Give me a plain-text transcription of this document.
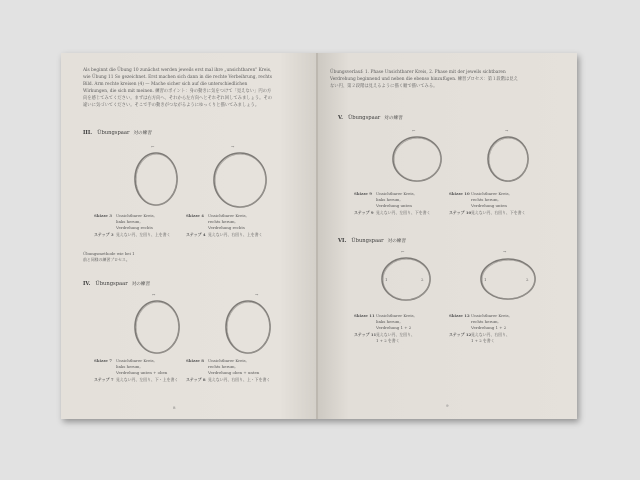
Als beginnt die Übung 10 zunächst werden jeweils erst mal ihre „unsichtbaren" Kreis, wie Übung 11 So gezeichnet. Erst machen sich dann in die rechte Verbeihrung, rechts Bild. Arm rechte kreisen (4) — Mache sicher sich auf die unterschiedlichen Wirkungen, die sich mit meinen. 練習のポイント：身の動きに気をつけて「見えない」円の方向を感じてみてください。まずは右方向へ、それから左方向へとそれぞれ回してみましょう。その違いに気づいてください。そこで手の動きがつながるようにゆっくりと描いてみましょう。
III. Übungspaar 対の練習
←	→
Skizze 3 Unsichtbarer Kreis,
links herum,
Verdrehung rechts
ステップ 3 見えない円、左回り、上を書く
Skizze 4 Unsichtbarer Kreis,
rechts herum,
Verdrehung rechts
ステップ 4 見えない円、右回り、上を書く
Übungsmethode wie bei 1
前と同様の練習プロセス。
IV. Übungspaar 対の練習
↔	→
Skizze 7 Unsichtbarer Kreis,
links herum,
Verdrehung unten + oben
ステップ 7 見えない円、左回り、下・上を書く
Skizze 8 Unsichtbarer Kreis,
rechts herum,
Verdrehung oben + unten
ステップ 8 見えない円、右回り、上・下を書く
8
Übungsverlauf: 1. Phase Unsichtbarer Kreis, 2. Phase mit der jeweils sichtbaren Verdrehung beginnend und neben die ebenso hinzufügen. 練習プロセス：第１段階は見えない円、第２段階は見えるように描く順で描いてみる。
V. Übungspaar 対の練習
←	→
Skizze 9 Unsichtbarer Kreis,
links herum,
Verdrehung unten
ステップ 9 見えない円、左回り、下を書く
Skizze 10Unsichtbarer Kreis,
rechts herum,
Verdrehung unten
ステップ 10見えない円、右回り、下を書く
VI. Übungspaar 対の練習
←
1	2
→
1	2
Skizze 11Unsichtbarer Kreis,
links herum,
Verdrehung 1 + 2
ステップ 11見えない円、左回り、
1 + 2 を書く
Skizze 12Unsichtbarer Kreis,
rechts herum,
Verdrehung 1 + 2
ステップ 12見えない円、右回り、
1 + 2 を書く
9
